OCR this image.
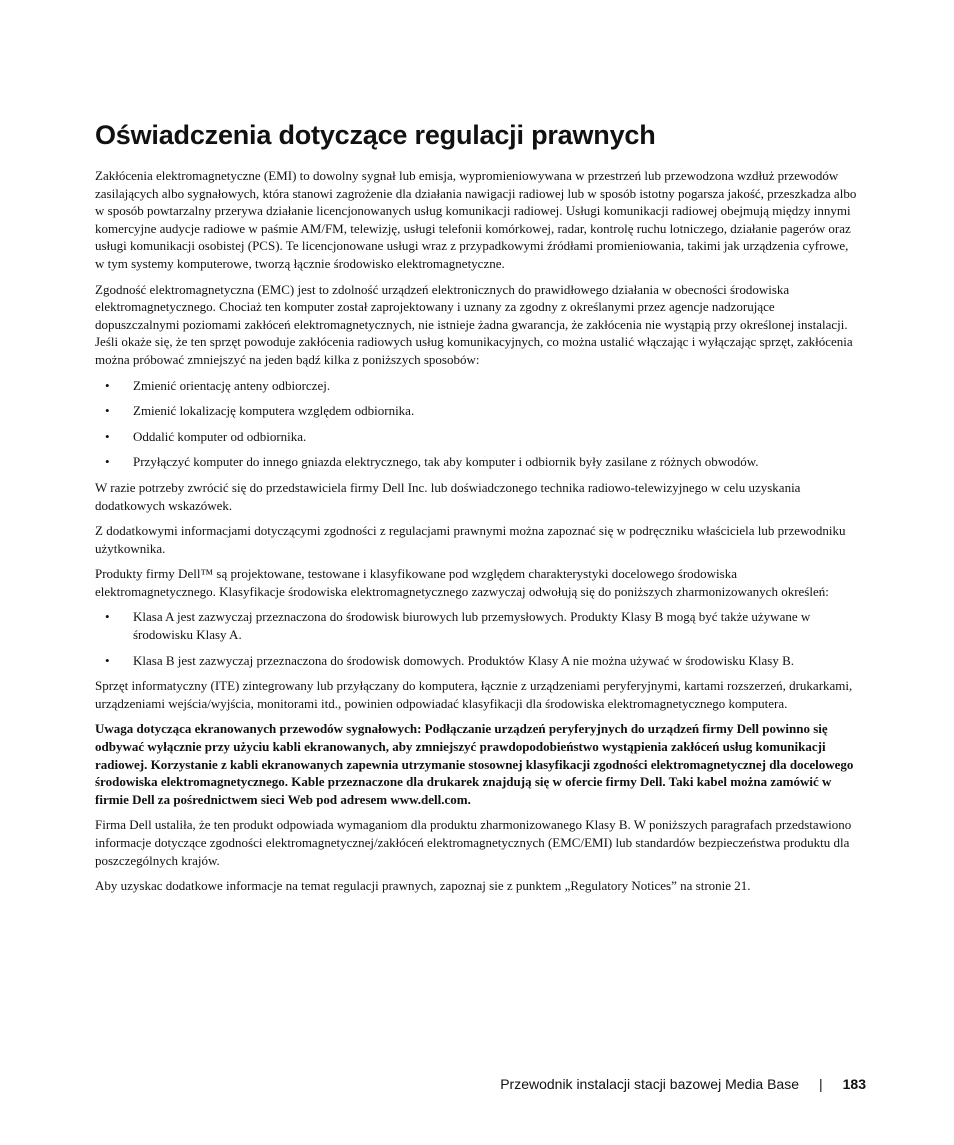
Oświadczenia dotyczące regulacji prawnych

Zakłócenia elektromagnetyczne (EMI) to dowolny sygnał lub emisja, wypromieniowywana w przestrzeń lub przewodzona wzdłuż przewodów zasilających albo sygnałowych, która stanowi zagrożenie dla działania nawigacji radiowej lub w sposób istotny pogarsza jakość, przeszkadza albo w sposób powtarzalny przerywa działanie licencjonowanych usług komunikacji radiowej. Usługi komunikacji radiowej obejmują między innymi komercyjne audycje radiowe w paśmie AM/FM, telewizję, usługi telefonii komórkowej, radar, kontrolę ruchu lotniczego, działanie pagerów oraz usługi komunikacji osobistej (PCS). Te licencjonowane usługi wraz z przypadkowymi źródłami promieniowania, takimi jak urządzenia cyfrowe, w tym systemy komputerowe, tworzą łącznie środowisko elektromagnetyczne.

Zgodność elektromagnetyczna (EMC) jest to zdolność urządzeń elektronicznych do prawidłowego działania w obecności środowiska elektromagnetycznego. Chociaż ten komputer został zaprojektowany i uznany za zgodny z określanymi przez agencje nadzorujące dopuszczalnymi poziomami zakłóceń elektromagnetycznych, nie istnieje żadna gwarancja, że zakłócenia nie wystąpią przy określonej instalacji. Jeśli okaże się, że ten sprzęt powoduje zakłócenia radiowych usług komunikacyjnych, co można ustalić włączając i wyłączając sprzęt, zakłócenia można próbować zmniejszyć na jeden bądź kilka z poniższych sposobów:

• Zmienić orientację anteny odbiorczej.
• Zmienić lokalizację komputera względem odbiornika.
• Oddalić komputer od odbiornika.
• Przyłączyć komputer do innego gniazda elektrycznego, tak aby komputer i odbiornik były zasilane z różnych obwodów.

W razie potrzeby zwrócić się do przedstawiciela firmy Dell Inc. lub doświadczonego technika radiowo-telewizyjnego w celu uzyskania dodatkowych wskazówek.

Z dodatkowymi informacjami dotyczącymi zgodności z regulacjami prawnymi można zapoznać się w podręczniku właściciela lub przewodniku użytkownika.

Produkty firmy Dell™ są projektowane, testowane i klasyfikowane pod względem charakterystyki docelowego środowiska elektromagnetycznego. Klasyfikacje środowiska elektromagnetycznego zazwyczaj odwołują się do poniższych zharmonizowanych określeń:

• Klasa A jest zazwyczaj przeznaczona do środowisk biurowych lub przemysłowych. Produkty Klasy B mogą być także używane w środowisku Klasy A.
• Klasa B jest zazwyczaj przeznaczona do środowisk domowych. Produktów Klasy A nie można używać w środowisku Klasy B.

Sprzęt informatyczny (ITE) zintegrowany lub przyłączany do komputera, łącznie z urządzeniami peryferyjnymi, kartami rozszerzeń, drukarkami, urządzeniami wejścia/wyjścia, monitorami itd., powinien odpowiadać klasyfikacji dla środowiska elektromagnetycznego komputera.

Uwaga dotycząca ekranowanych przewodów sygnałowych: Podłączanie urządzeń peryferyjnych do urządzeń firmy Dell powinno się odbywać wyłącznie przy użyciu kabli ekranowanych, aby zmniejszyć prawdopodobieństwo wystąpienia zakłóceń usług komunikacji radiowej. Korzystanie z kabli ekranowanych zapewnia utrzymanie stosownej klasyfikacji zgodności elektromagnetycznej dla docelowego środowiska elektromagnetycznego. Kable przeznaczone dla drukarek znajdują się w ofercie firmy Dell. Taki kabel można zamówić w firmie Dell za pośrednictwem sieci Web pod adresem www.dell.com.

Firma Dell ustaliła, że ten produkt odpowiada wymaganiom dla produktu zharmonizowanego Klasy B. W poniższych paragrafach przedstawiono informacje dotyczące zgodności elektromagnetycznej/zakłóceń elektromagnetycznych (EMC/EMI) lub standardów bezpieczeństwa produktu dla poszczególnych krajów.

Aby uzyskac dodatkowe informacje na temat regulacji prawnych, zapoznaj sie z punktem „Regulatory Notices” na stronie 21.

Przewodnik instalacji stacji bazowej Media Base | 183
